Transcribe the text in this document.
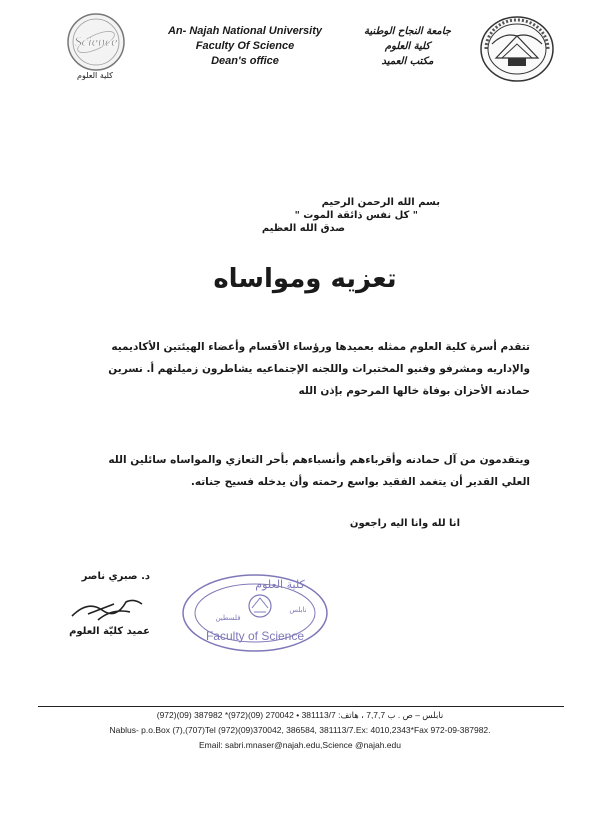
Science
كلية العلوم
An- Najah National University
Faculty Of Science
Dean's office
جامعة النجاح الوطنية
كلية العلوم
مكتب العميد
بسم الله الرحمن الرحيم
" كل نفس ذائقة الموت "
صدق الله العظيم
تعزيه ومواساه
تتقدم أسرة كلية العلوم ممثله بعميدها ورؤساء الأقسام وأعضاء الهيئتين الأكاديميه والإداريه ومشرفو وفنيو المختبرات واللجنه الإجتماعيه يشاطرون زميلتهم أ. نسرين حمادنه الأحزان بوفاة خالها المرحوم بإذن الله
ويتقدمون من آل حمادنه وأقرباءهم وأنسباءهم بأحر التعازي والمواساه سائلين الله العلي القدير أن يتغمد الفقيد بواسع رحمته وأن يدخله فسيح جناته.
انا لله وانا اليه راجعون
د. صبري ناصر
عميد كليّة العلوم
كلية العلوم
نابلس
فلسطين
Faculty of Science
نابلس – ص . ب 7,7,7 ، هاتف: 381113/7 • 270042 (09)(972)* 387982 (09)(972)
Nablus- p.o.Box (7),(707)Tel (972)(09)370042, 386584, 381113/7.Ex: 4010,2343*Fax 972-09-387982.
Email: sabri.mnaser@najah.edu,Science @najah.edu
